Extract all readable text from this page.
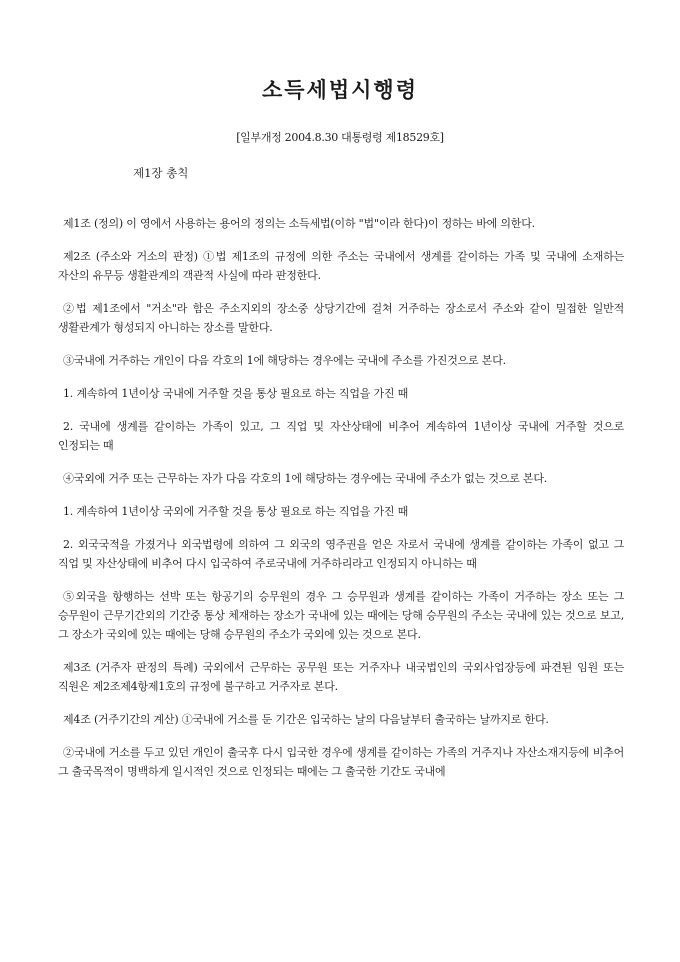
소득세법시행령
[일부개정 2004.8.30 대통령령 제18529호]
제1장 총칙

제1조 (정의) 이 영에서 사용하는 용어의 정의는 소득세법(이하 "법"이라 한다)이 정하는 바에 의한다.

제2조 (주소와 거소의 판정) ①법 제1조의 규정에 의한 주소는 국내에서 생계를 같이하는 가족 및 국내에 소재하는 자산의 유무등 생활관계의 객관적 사실에 따라 판정한다.

②법 제1조에서 "거소"라 함은 주소지외의 장소중 상당기간에 걸쳐 거주하는 장소로서 주소와 같이 밀접한 일반적 생활관계가 형성되지 아니하는 장소를 말한다.

③국내에 거주하는 개인이 다음 각호의 1에 해당하는 경우에는 국내에 주소를 가진것으로 본다.

1. 계속하여 1년이상 국내에 거주할 것을 통상 필요로 하는 직업을 가진 때

2. 국내에 생계를 같이하는 가족이 있고, 그 직업 및 자산상태에 비추어 계속하여 1년이상 국내에 거주할 것으로 인정되는 때

④국외에 거주 또는 근무하는 자가 다음 각호의 1에 해당하는 경우에는 국내에 주소가 없는 것으로 본다.

1. 계속하여 1년이상 국외에 거주할 것을 통상 필요로 하는 직업을 가진 때

2. 외국국적을 가졌거나 외국법령에 의하여 그 외국의 영주권을 얻은 자로서 국내에 생계를 같이하는 가족이 없고 그 직업 및 자산상태에 비추어 다시 입국하여 주로국내에 거주하리라고 인정되지 아니하는 때

⑤외국을 항행하는 선박 또는 항공기의 승무원의 경우 그 승무원과 생계를 같이하는 가족이 거주하는 장소 또는 그 승무원이 근무기간외의 기간중 통상 체재하는 장소가 국내에 있는 때에는 당해 승무원의 주소는 국내에 있는 것으로 보고, 그 장소가 국외에 있는 때에는 당해 승무원의 주소가 국외에 있는 것으로 본다.

제3조 (거주자 판정의 특례) 국외에서 근무하는 공무원 또는 거주자나 내국법인의 국외사업장등에 파견된 임원 또는 직원은 제2조제4항제1호의 규정에 불구하고 거주자로 본다.

제4조 (거주기간의 계산) ①국내에 거소를 둔 기간은 입국하는 날의 다음날부터 출국하는 날까지로 한다.

②국내에 거소를 두고 있던 개인이 출국후 다시 입국한 경우에 생계를 같이하는 가족의 거주지나 자산소재지등에 비추어 그 출국목적이 명백하게 일시적인 것으로 인정되는 때에는 그 출국한 기간도 국내에
